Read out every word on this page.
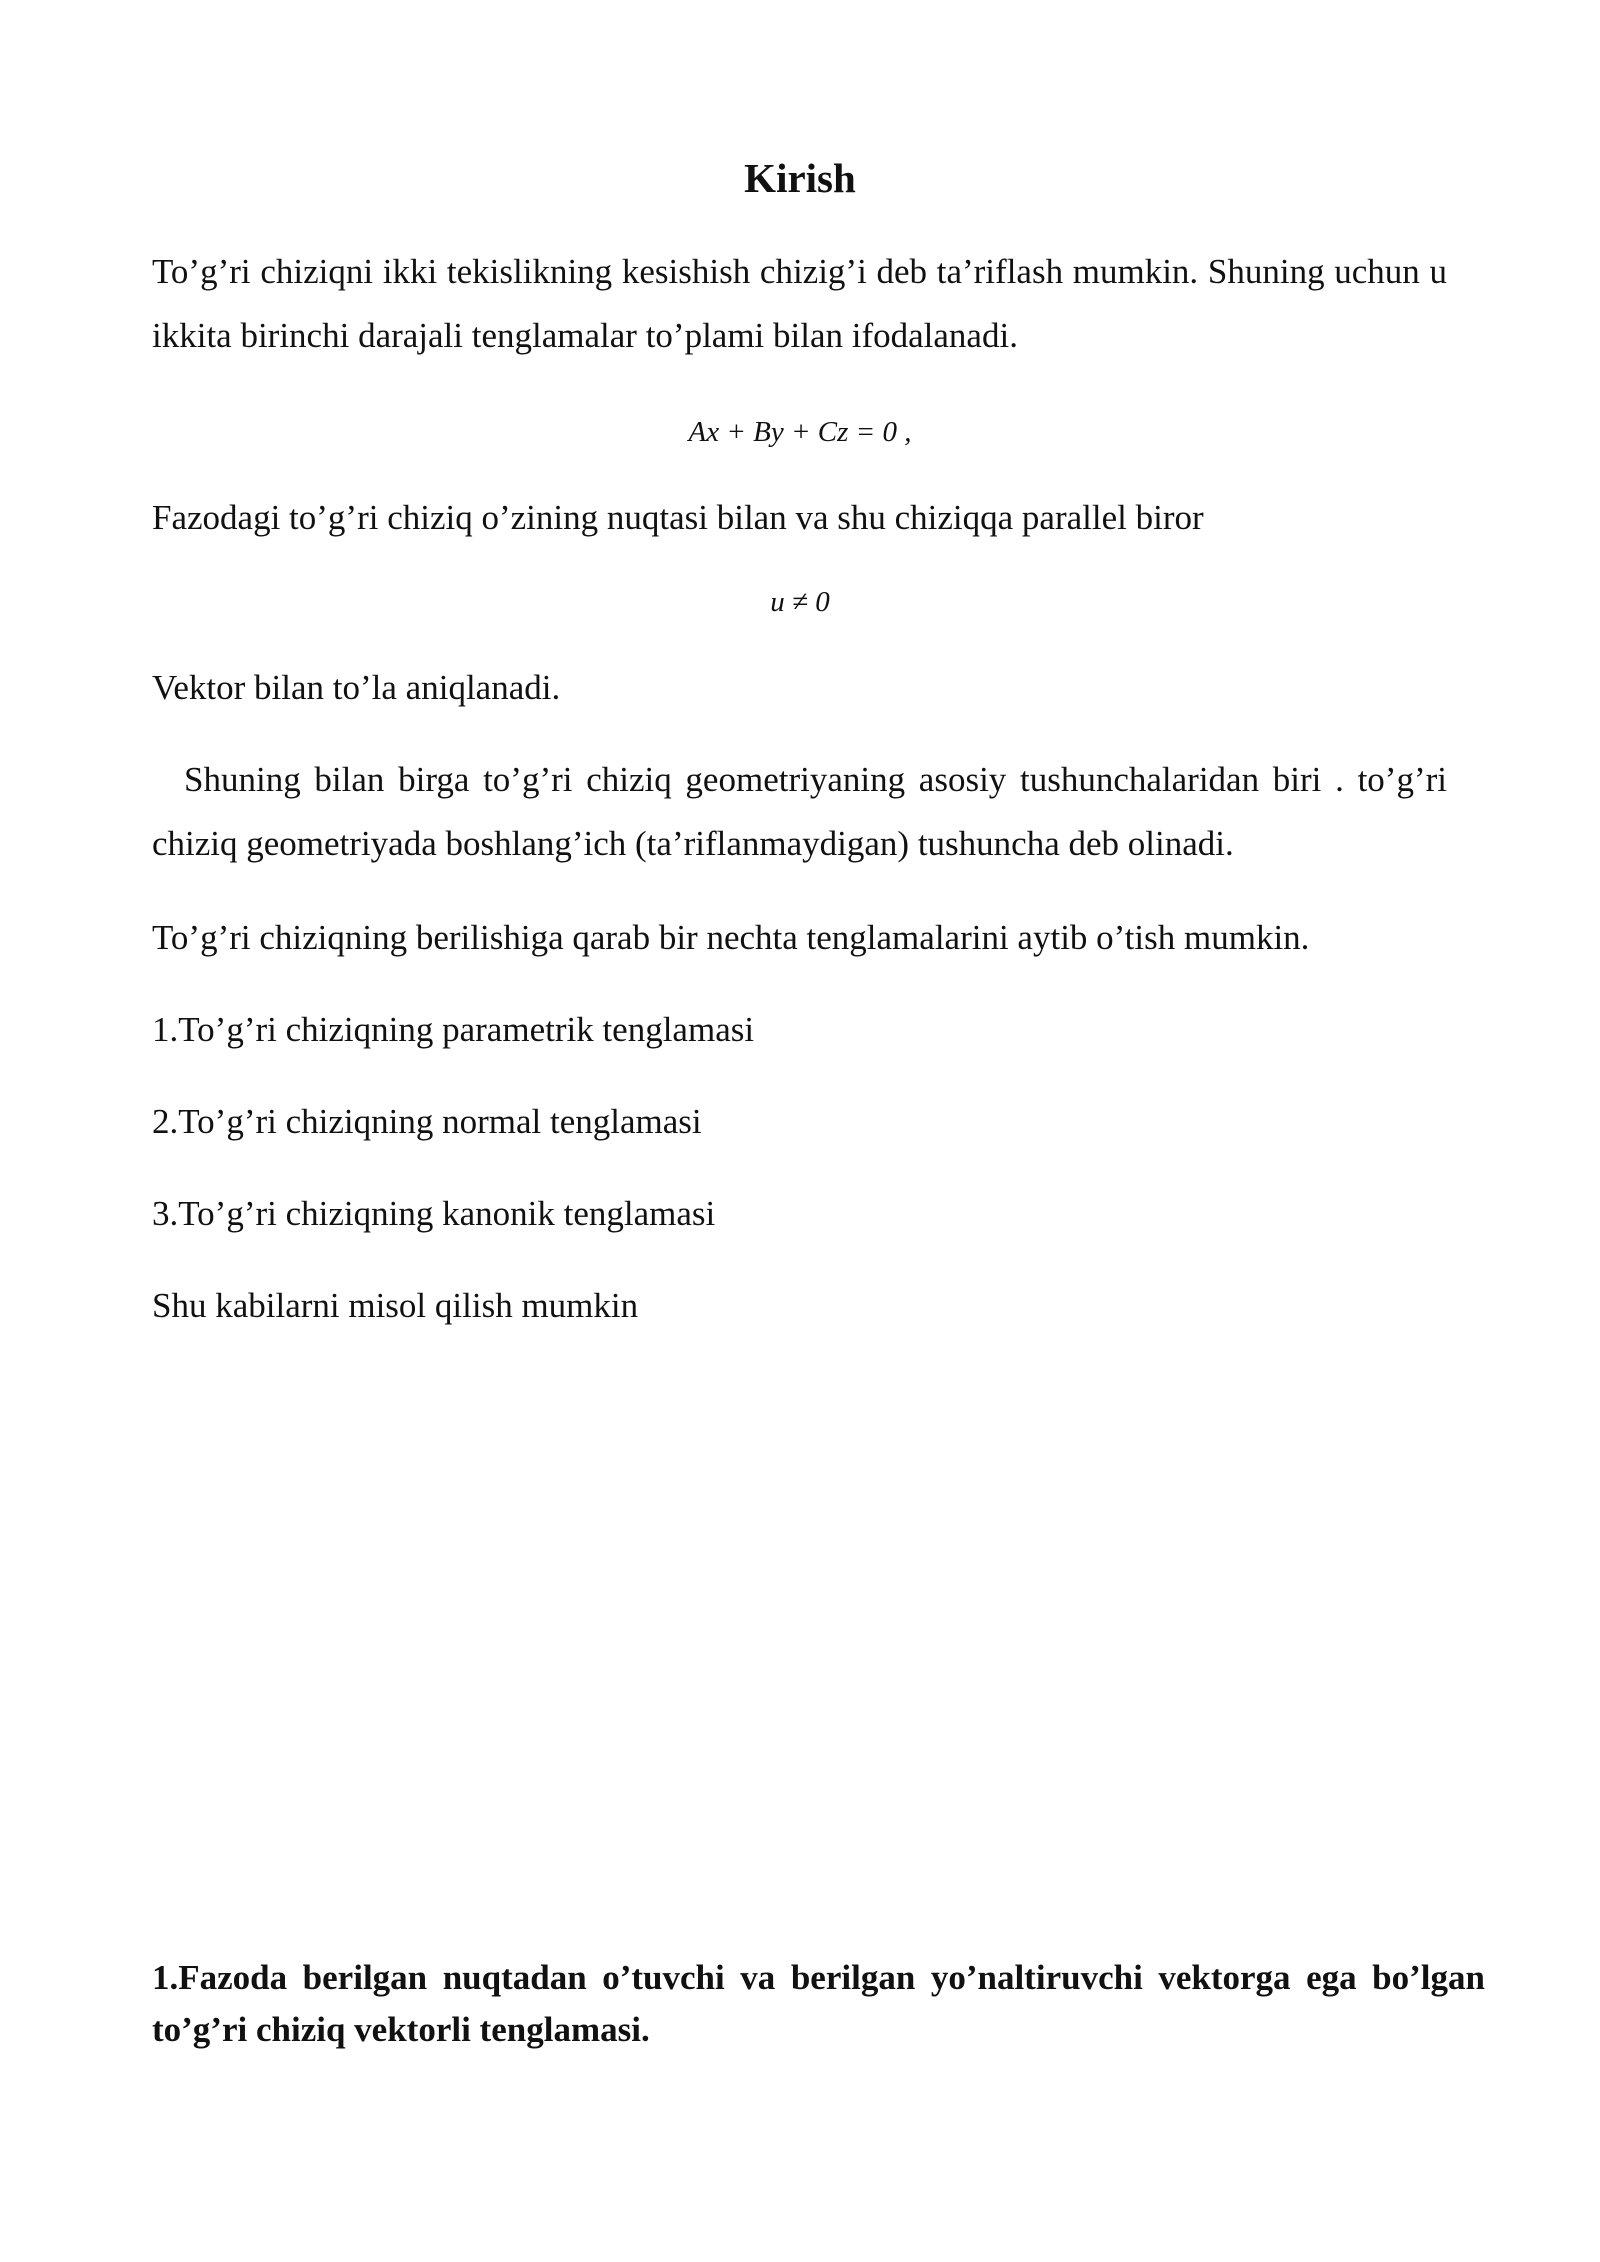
Kirish

To’g’ri chiziqni ikki tekislikning kesishish chizig’i deb ta’riflash mumkin. Shuning uchun u ikkita birinchi darajali tenglamalar to’plami bilan ifodalanadi.

Ax + By + Cz = 0 ,

Fazodagi to’g’ri chiziq o’zining nuqtasi bilan va shu chiziqqa parallel biror

u ≠ 0

Vektor bilan to’la aniqlanadi.

Shuning bilan birga to’g’ri chiziq geometriyaning asosiy tushunchalaridan biri . to’g’ri chiziq geometriyada boshlang’ich (ta’riflanmaydigan) tushuncha deb olinadi.

To’g’ri chiziqning berilishiga qarab bir nechta tenglamalarini aytib o’tish mumkin.

1.To’g’ri chiziqning parametrik tenglamasi

2.To’g’ri chiziqning normal tenglamasi

3.To’g’ri chiziqning kanonik tenglamasi

Shu kabilarni misol qilish mumkin

1.Fazoda berilgan nuqtadan o’tuvchi va berilgan yo’naltiruvchi vektorga ega bo’lgan to’g’ri chiziq vektorli tenglamasi.
